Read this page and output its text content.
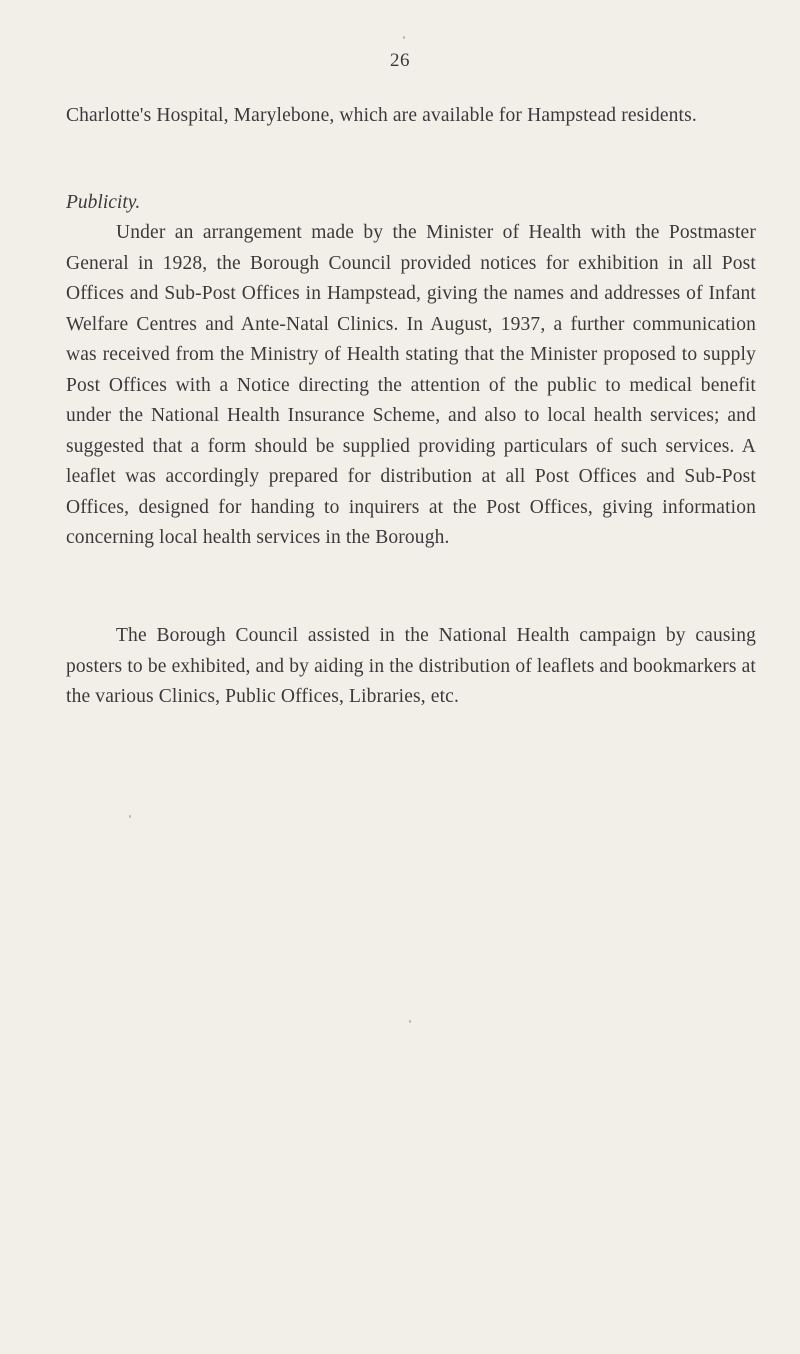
26

Charlotte's Hospital, Marylebone, which are available for Hampstead residents.

Publicity.

Under an arrangement made by the Minister of Health with the Postmaster General in 1928, the Borough Council provided notices for exhibition in all Post Offices and Sub-Post Offices in Hampstead, giving the names and addresses of Infant Welfare Centres and Ante-Natal Clinics. In August, 1937, a further communication was received from the Ministry of Health stating that the Minister proposed to supply Post Offices with a Notice directing the attention of the public to medical benefit under the National Health Insurance Scheme, and also to local health services; and suggested that a form should be supplied providing particulars of such services. A leaflet was accordingly prepared for distribution at all Post Offices and Sub-Post Offices, designed for handing to inquirers at the Post Offices, giving information concerning local health services in the Borough.

The Borough Council assisted in the National Health campaign by causing posters to be exhibited, and by aiding in the distribution of leaflets and bookmarkers at the various Clinics, Public Offices, Libraries, etc.
